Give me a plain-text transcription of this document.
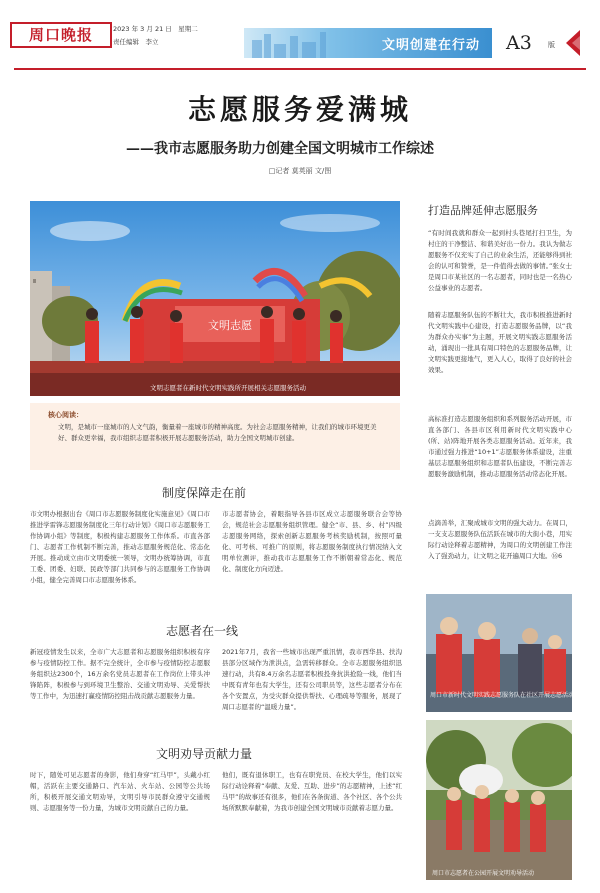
周口晚报	2023 年 3 月 21 日　星期二
责任编辑　李立	文明创建在行动 A3 版
志愿服务爱满城
——我市志愿服务助力创建全国文明城市工作综述
□记者 莫英丽 文/图
文明志愿
文明志愿者在新时代文明实践所开展相关志愿服务活动
核心阅读：
文明，是城市一座城市的人文气韵，衡量着一座城市的精神高度。为社会志愿服务精神，让我们的城市环境更美好、群众更幸福，我市组织志愿者积极开展志愿服务活动，助力全国文明城市创建。
制度保障走在前
市文明办根据出台《周口市志愿服务制度化实施意见》《周口市推进学雷锋志愿服务制度化三年行动计划》《周口市志愿服务工作协调小组》等制度，积极构建志愿服务工作体系。市直各部门、志愿者工作机制不断完善，推动志愿服务规范化、常态化开展。推动成立由市文明委统一领导，文明办统筹协调，市直工委、团委、妇联、民政等部门共同参与的志愿服务工作协调小组，健全完善周口市志愿服务体系。
市志愿者协会，着眼指导各县市区成立志愿服务联合会等协会，规范社会志愿服务组织管理。健全“市、县、乡、村”四级志愿服务网络，探索创新志愿服务考核奖励机制，按照可量化、可考核、可推广的原则，将志愿服务制度执行情况纳入文明单位测评，推动我市志愿服务工作不断朝着常态化、规范化、制度化方向迈进。
志愿者在一线
新冠疫情发生以来，全市广大志愿者和志愿服务组织积极有序参与疫情防控工作。据不完全统计，全市参与疫情防控志愿服务组织达2300个，16万余名党员志愿者在工作岗位上带头冲锋陷阵，积极参与到环境卫生整治、交通文明劝导、关爱帮扶等工作中，为迅速打赢疫情防控阻击战贡献志愿服务力量。
2021年7月，我省一些城市出现严重汛情，我市西华县、扶沟县部分区域作为泄洪点，急需转移群众。全市志愿服务组织迅速行动，共有8.4万余名志愿者积极投身抗洪抢险一线，他们当中既有青年也有大学生，还有公司职员等，这些志愿者分布在各个安置点，为受灾群众提供帮扶、心理疏导等服务，展现了周口志愿者的“温暖力量”。
文明劝导贡献力量
时下，随处可见志愿者的身影，他们身穿“红马甲”，头戴小红帽，活跃在主要交通路口、汽车站、火车站、公园等公共场所，积极开展交通文明劝导，文明引导市民群众遵守交通规则、志愿服务等一份力量，为城市文明贡献自己的力量。
他们，既有退休职工，也有在职党员、在校大学生，他们以实际行动诠释着“奉献、友爱、互助、进步”的志愿精神，上述“红马甲”的故事还有很多，他们在各条街道、各个社区、各个公共场所默默奉献着，为我市创建全国文明城市贡献着志愿力量。
打造品牌延伸志愿服务
“有时间我就和群众一起到村头巷尾打扫卫生，为村庄的干净整洁、和谐美好出一份力。我认为做志愿服务不仅充实了自己的业余生活，还能够得到社会的认可和赞誉，是一件值得去做的事情。”张女士是周口市某社区的一名志愿者，同时也是一名热心公益事业的志愿者。
随着志愿服务队伍的不断壮大，我市积极推进新时代文明实践中心建设，打造志愿服务品牌，以“我为群众办实事”为主题，开展文明实践志愿服务活动，涌现出一批具有周口特色的志愿服务品牌，让文明实践更接地气，更入人心，取得了良好的社会效果。
高标准打造志愿服务组织和系列服务活动开展，市直各部门、各县市区利用新时代文明实践中心(所、站)阵地开展各类志愿服务活动。近年来，我市通过强力推进“10+1”志愿服务体系建设，注重基层志愿服务组织和志愿者队伍建设，不断完善志愿服务激励机制，推动志愿服务活动常态化开展。
点滴善举，汇聚成城市文明的强大动力。在周口，一支支志愿服务队伍活跃在城市的大街小巷，用实际行动诠释着志愿精神，为周口的文明创建工作注入了强劲动力，让文明之花开遍周口大地。⑯6
周口市新时代文明实践志愿服务队在社区开展志愿活动
周口市志愿者在公园开展文明劝导活动
